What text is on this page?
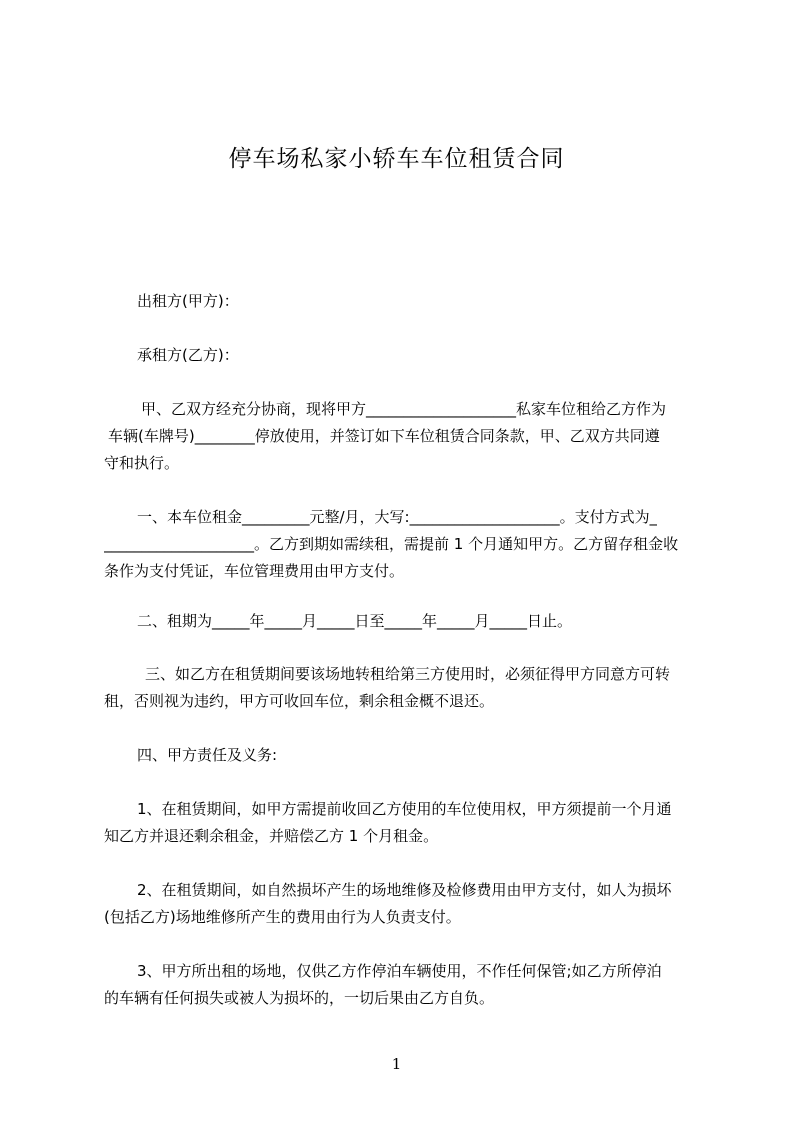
停车场私家小轿车车位租赁合同
出租方(甲方)：
承租方(乙方)：
甲、乙双方经充分协商，现将甲方____________________私家车位租给乙方作为
车辆(车牌号)________停放使用，并签订如下车位租赁合同条款，甲、乙双方共同遵
守和执行。
一、本车位租金_________元整/月，大写:____________________。支付方式为_
____________________。乙方到期如需续租，需提前 1 个月通知甲方。乙方留存租金收
条作为支付凭证，车位管理费用由甲方支付。
二、租期为_____年_____月_____日至_____年_____月_____日止。
三、如乙方在租赁期间要该场地转租给第三方使用时，必须征得甲方同意方可转
租，否则视为违约，甲方可收回车位，剩余租金概不退还。
四、甲方责任及义务:
1、在租赁期间，如甲方需提前收回乙方使用的车位使用权，甲方须提前一个月通
知乙方并退还剩余租金，并赔偿乙方 1 个月租金。
2、在租赁期间，如自然损坏产生的场地维修及检修费用由甲方支付，如人为损坏
(包括乙方)场地维修所产生的费用由行为人负责支付。
3、甲方所出租的场地，仅供乙方作停泊车辆使用，不作任何保管;如乙方所停泊
的车辆有任何损失或被人为损坏的，一切后果由乙方自负。
1
